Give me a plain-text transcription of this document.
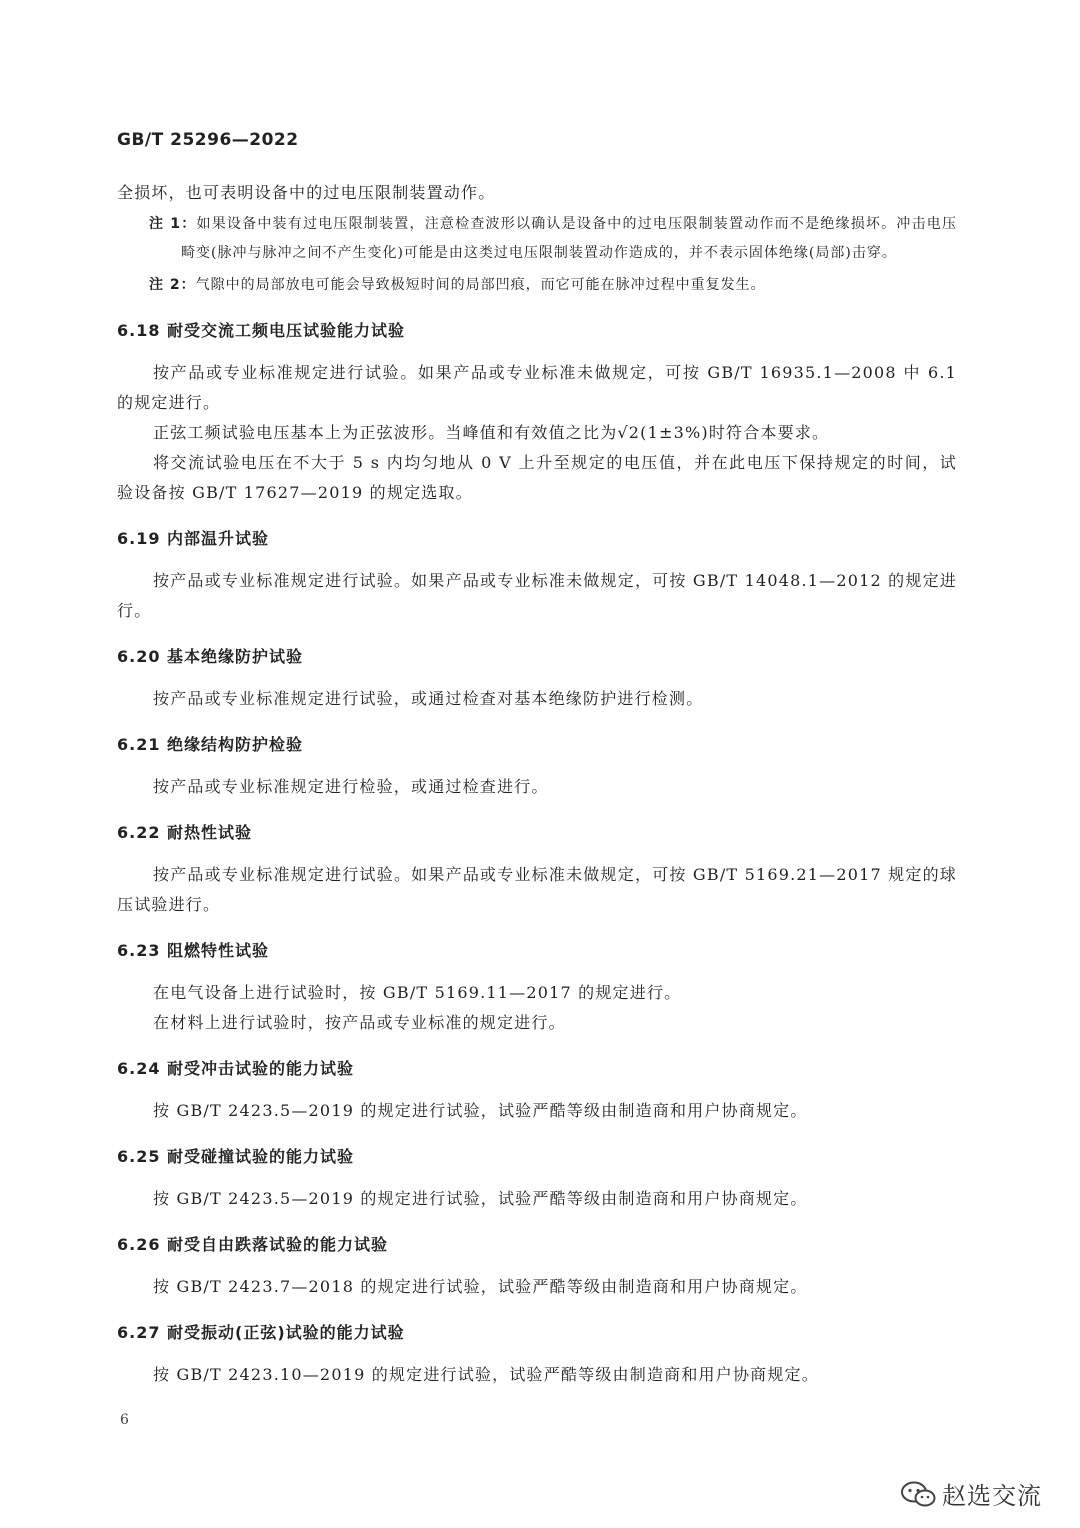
GB/T 25296—2022

全损坏，也可表明设备中的过电压限制装置动作。

注 1：如果设备中装有过电压限制装置，注意检查波形以确认是设备中的过电压限制装置动作而不是绝缘损坏。冲击电压畸变(脉冲与脉冲之间不产生变化)可能是由这类过电压限制装置动作造成的，并不表示固体绝缘(局部)击穿。

注 2：气隙中的局部放电可能会导致极短时间的局部凹痕，而它可能在脉冲过程中重复发生。

6.18 耐受交流工频电压试验能力试验

按产品或专业标准规定进行试验。如果产品或专业标准未做规定，可按 GB/T 16935.1—2008 中 6.1 的规定进行。

正弦工频试验电压基本上为正弦波形。当峰值和有效值之比为√2(1±3%)时符合本要求。

将交流试验电压在不大于 5 s 内均匀地从 0 V 上升至规定的电压值，并在此电压下保持规定的时间，试验设备按 GB/T 17627—2019 的规定选取。

6.19 内部温升试验

按产品或专业标准规定进行试验。如果产品或专业标准未做规定，可按 GB/T 14048.1—2012 的规定进行。

6.20 基本绝缘防护试验

按产品或专业标准规定进行试验，或通过检查对基本绝缘防护进行检测。

6.21 绝缘结构防护检验

按产品或专业标准规定进行检验，或通过检查进行。

6.22 耐热性试验

按产品或专业标准规定进行试验。如果产品或专业标准未做规定，可按 GB/T 5169.21—2017 规定的球压试验进行。

6.23 阻燃特性试验

在电气设备上进行试验时，按 GB/T 5169.11—2017 的规定进行。

在材料上进行试验时，按产品或专业标准的规定进行。

6.24 耐受冲击试验的能力试验

按 GB/T 2423.5—2019 的规定进行试验，试验严酷等级由制造商和用户协商规定。

6.25 耐受碰撞试验的能力试验

按 GB/T 2423.5—2019 的规定进行试验，试验严酷等级由制造商和用户协商规定。

6.26 耐受自由跌落试验的能力试验

按 GB/T 2423.7—2018 的规定进行试验，试验严酷等级由制造商和用户协商规定。

6.27 耐受振动(正弦)试验的能力试验

按 GB/T 2423.10—2019 的规定进行试验，试验严酷等级由制造商和用户协商规定。

6
赵选交流
